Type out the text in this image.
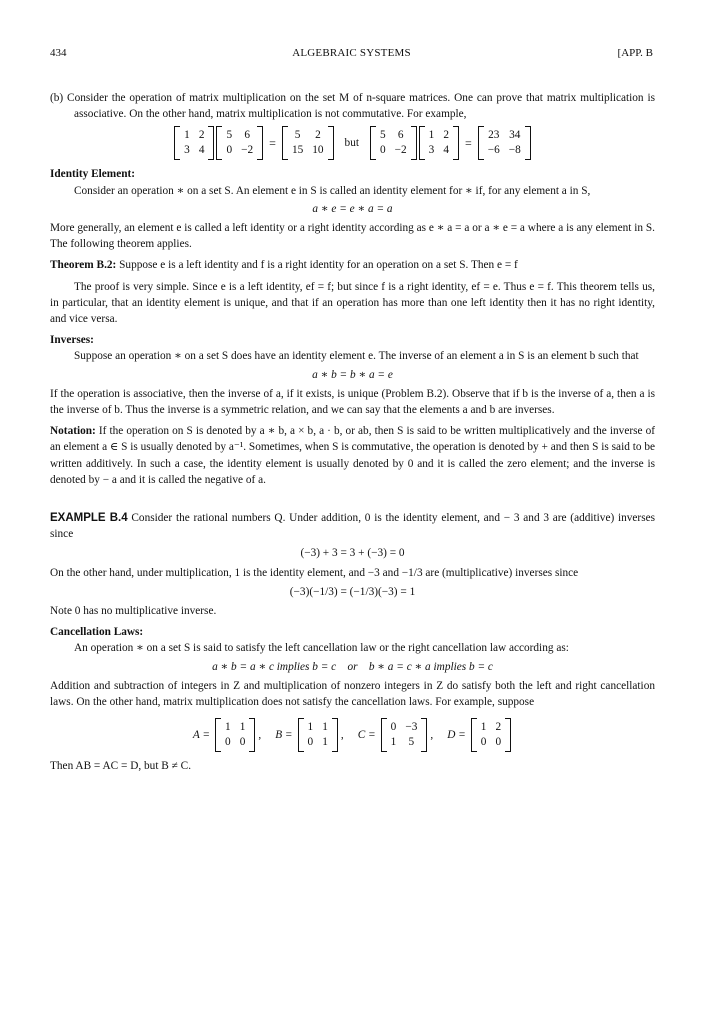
434	ALGEBRAIC SYSTEMS	[APP. B

(b) Consider the operation of matrix multiplication on the set M of n-square matrices. One can prove that matrix multiplication is associative. On the other hand, matrix multiplication is not commutative. For example,

1 2
3 4
5 6
0 −2
=
5 2
15 10
but
5 6
0 −2
1 2
3 4
=
23 34
−6 −8

Identity Element:

Consider an operation ∗ on a set S. An element e in S is called an identity element for ∗ if, for any element a in S,

a ∗ e = e ∗ a = a

More generally, an element e is called a left identity or a right identity according as e ∗ a = a or a ∗ e = a where a is any element in S. The following theorem applies.

Theorem B.2: Suppose e is a left identity and f is a right identity for an operation on a set S. Then e = f

The proof is very simple. Since e is a left identity, ef = f; but since f is a right identity, ef = e. Thus e = f. This theorem tells us, in particular, that an identity element is unique, and that if an operation has more than one left identity then it has no right identity, and vice versa.

Inverses:

Suppose an operation ∗ on a set S does have an identity element e. The inverse of an element a in S is an element b such that

a ∗ b = b ∗ a = e

If the operation is associative, then the inverse of a, if it exists, is unique (Problem B.2). Observe that if b is the inverse of a, then a is the inverse of b. Thus the inverse is a symmetric relation, and we can say that the elements a and b are inverses.

Notation: If the operation on S is denoted by a ∗ b, a × b, a · b, or ab, then S is said to be written multiplicatively and the inverse of an element a ∈ S is usually denoted by a⁻¹. Sometimes, when S is commutative, the operation is denoted by + and then S is said to be written additively. In such a case, the identity element is usually denoted by 0 and it is called the zero element; and the inverse is denoted by − a and it is called the negative of a.

EXAMPLE B.4 Consider the rational numbers Q. Under addition, 0 is the identity element, and − 3 and 3 are (additive) inverses since

(−3) + 3 = 3 + (−3) = 0

On the other hand, under multiplication, 1 is the identity element, and −3 and −1/3 are (multiplicative) inverses since

(−3)(−1/3) = (−1/3)(−3) = 1

Note 0 has no multiplicative inverse.

Cancellation Laws:

An operation ∗ on a set S is said to satisfy the left cancellation law or the right cancellation law according as:

a ∗ b = a ∗ c implies b = c    or    b ∗ a = c ∗ a implies b = c

Addition and subtraction of integers in Z and multiplication of nonzero integers in Z do satisfy both the left and right cancellation laws. On the other hand, matrix multiplication does not satisfy the cancellation laws. For example, suppose

A =
1 1
0 0
, B =
1 1
0 1
, C =
0 −3
1 5
, D =
1 2
0 0

Then AB = AC = D, but B ≠ C.
